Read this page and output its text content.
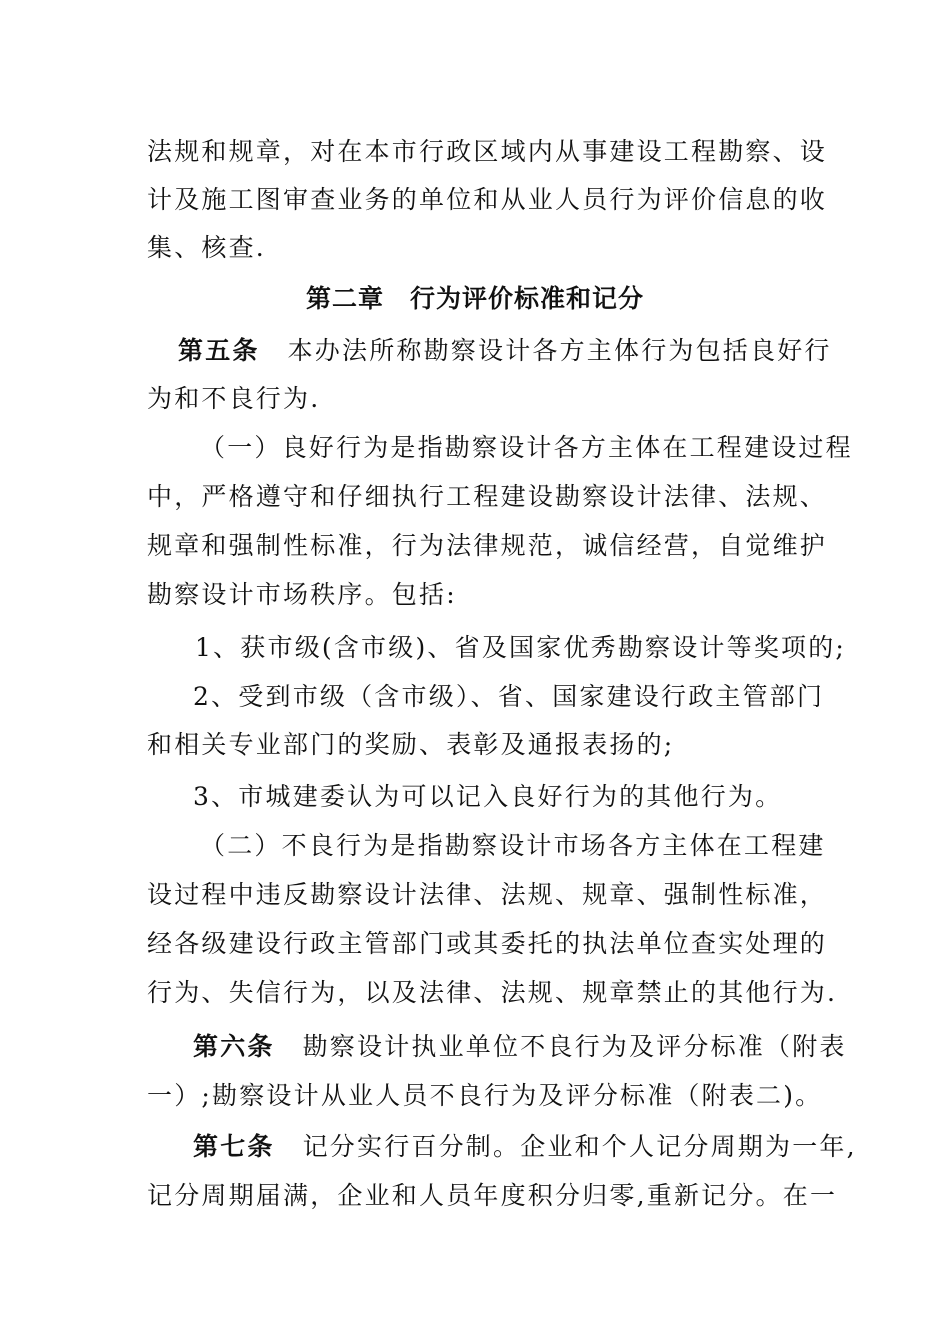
法规和规章，对在本市行政区域内从事建设工程勘察、设
计及施工图审查业务的单位和从业人员行为评价信息的收
集、核查.
第二章　行为评价标准和记分
第五条 本办法所称勘察设计各方主体行为包括良好行
为和不良行为.
（一）良好行为是指勘察设计各方主体在工程建设过程
中，严格遵守和仔细执行工程建设勘察设计法律、法规、
规章和强制性标准，行为法律规范，诚信经营，自觉维护
勘察设计市场秩序。包括:
1、获市级(含市级)、省及国家优秀勘察设计等奖项的;
2、受到市级（含市级）、省、国家建设行政主管部门
和相关专业部门的奖励、表彰及通报表扬的;
3、市城建委认为可以记入良好行为的其他行为。
（二）不良行为是指勘察设计市场各方主体在工程建
设过程中违反勘察设计法律、法规、规章、强制性标准，
经各级建设行政主管部门或其委托的执法单位查实处理的
行为、失信行为，以及法律、法规、规章禁止的其他行为.
第六条 勘察设计执业单位不良行为及评分标准（附表
一）;勘察设计从业人员不良行为及评分标准（附表二)。
第七条 记分实行百分制。企业和个人记分周期为一年,
记分周期届满，企业和人员年度积分归零,重新记分。在一
